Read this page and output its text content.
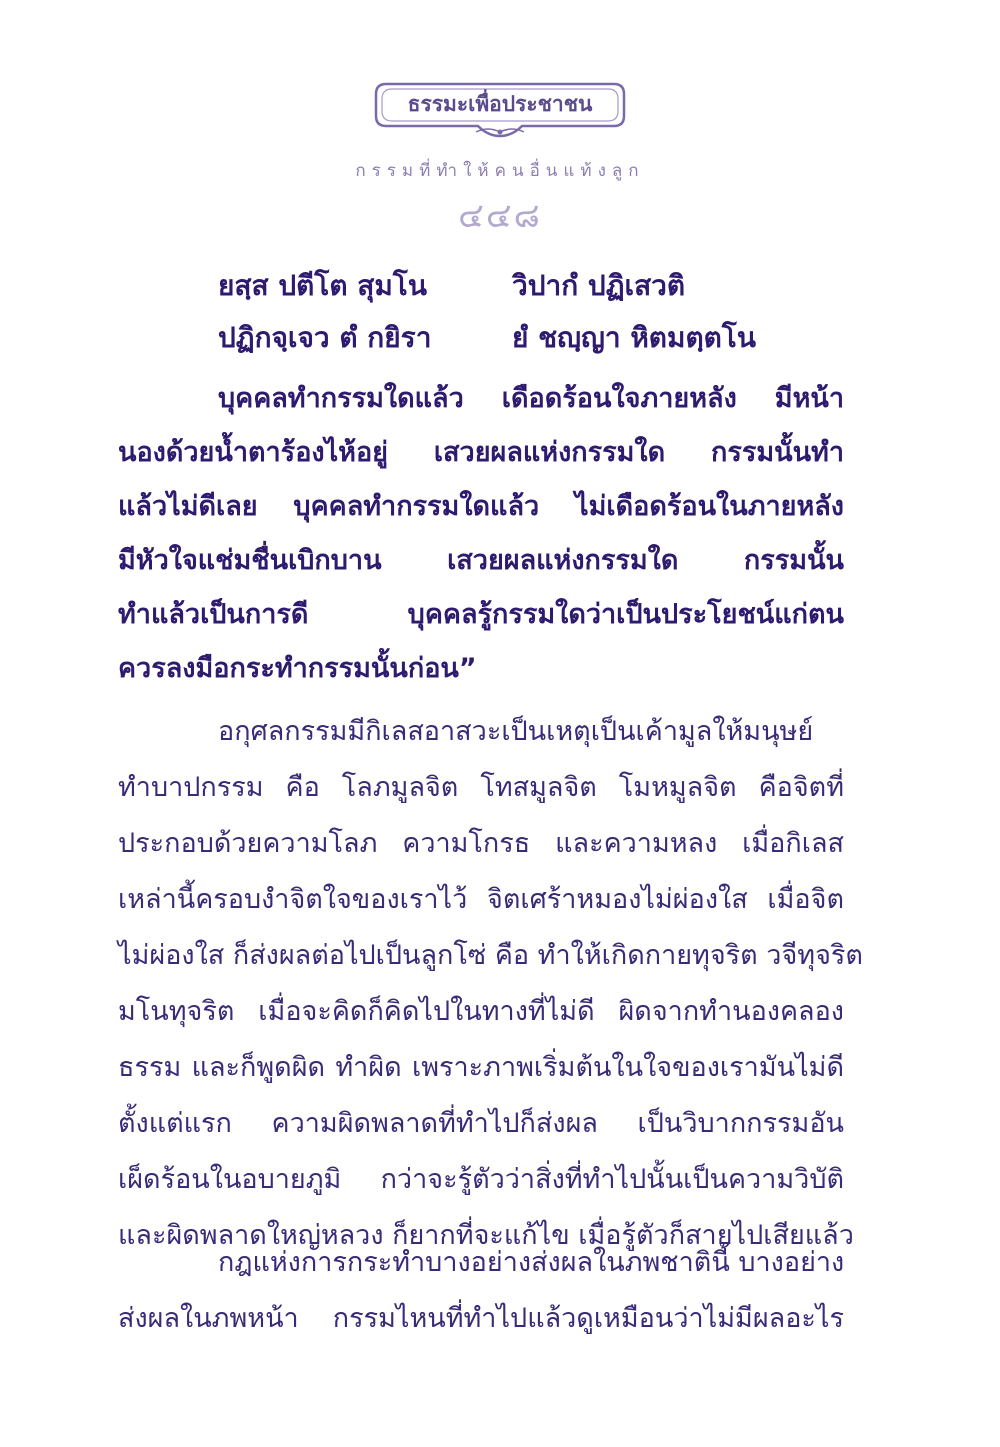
ธรรมะเพื่อประชาชน
กรรมที่ทำให้คนอื่นแท้งลูก
๔๔๘
ยสฺส ปตีโต สุมโน	วิปากํ ปฏิเสวติ
ปฏิกจฺเจว ตํ กยิรา	ยํ ชญฺญา หิตมตฺตโน
บุคคลทำกรรมใดแล้ว เดือดร้อนใจภายหลัง มีหน้า
นองด้วยน้ำตาร้องไห้อยู่ เสวยผลแห่งกรรมใด กรรมนั้นทำ
แล้วไม่ดีเลย บุคคลทำกรรมใดแล้ว ไม่เดือดร้อนในภายหลัง
มีหัวใจแช่มชื่นเบิกบาน เสวยผลแห่งกรรมใด กรรมนั้น
ทำแล้วเป็นการดี บุคคลรู้กรรมใดว่าเป็นประโยชน์แก่ตน
ควรลงมือกระทำกรรมนั้นก่อน”
อกุศลกรรมมีกิเลสอาสวะเป็นเหตุเป็นเค้ามูลให้มนุษย์
ทำบาปกรรม คือ โลภมูลจิต โทสมูลจิต โมหมูลจิต คือจิตที่
ประกอบด้วยความโลภ ความโกรธ และความหลง เมื่อกิเลส
เหล่านี้ครอบงำจิตใจของเราไว้ จิตเศร้าหมองไม่ผ่องใส เมื่อจิต
ไม่ผ่องใส ก็ส่งผลต่อไปเป็นลูกโซ่ คือ ทำให้เกิดกายทุจริต วจีทุจริต
มโนทุจริต เมื่อจะคิดก็คิดไปในทางที่ไม่ดี ผิดจากทำนองคลอง
ธรรม และก็พูดผิด ทำผิด เพราะภาพเริ่มต้นในใจของเรามันไม่ดี
ตั้งแต่แรก ความผิดพลาดที่ทำไปก็ส่งผล เป็นวิบากกรรมอัน
เผ็ดร้อนในอบายภูมิ กว่าจะรู้ตัวว่าสิ่งที่ทำไปนั้นเป็นความวิบัติ
และผิดพลาดใหญ่หลวง ก็ยากที่จะแก้ไข เมื่อรู้ตัวก็สายไปเสียแล้ว
กฎแห่งการกระทำบางอย่างส่งผลในภพชาตินี้ บางอย่าง
ส่งผลในภพหน้า กรรมไหนที่ทำไปแล้วดูเหมือนว่าไม่มีผลอะไร
